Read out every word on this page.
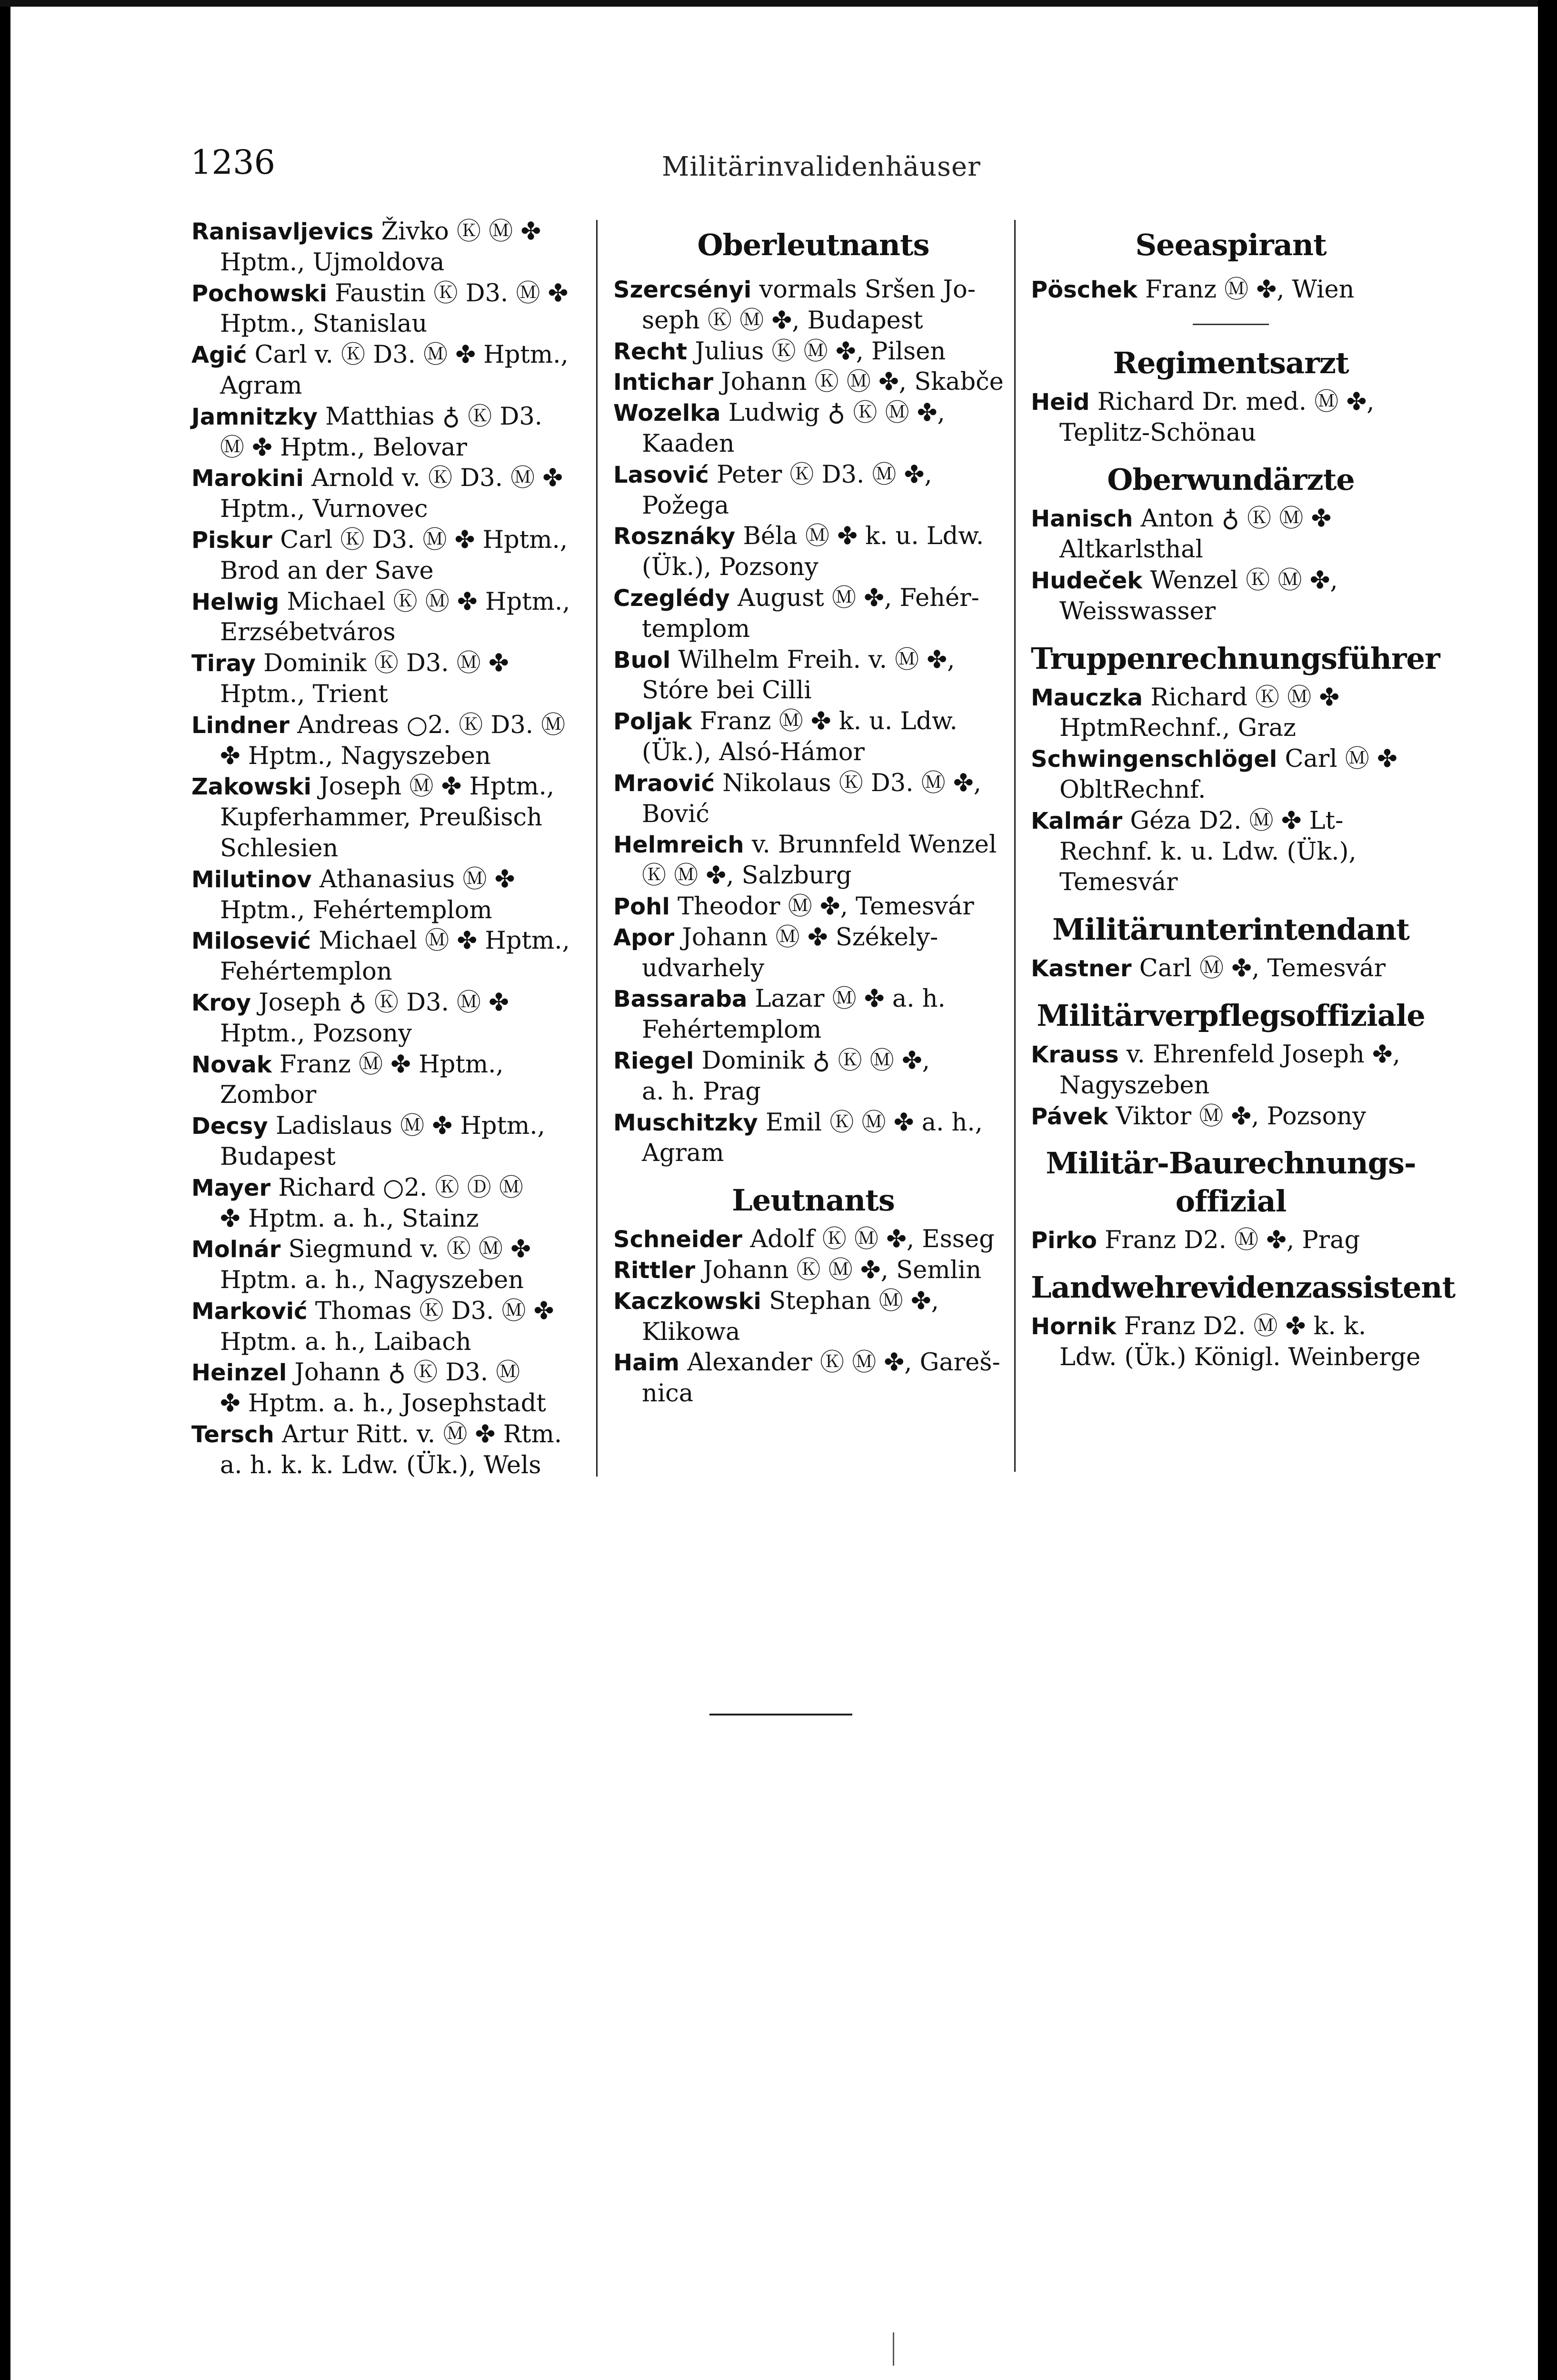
1236	Militärinvalidenhäuser
Ranisavljevics Živko Ⓚ Ⓜ ✤
Hptm., Ujmoldova
Pochowski Faustin Ⓚ D3. Ⓜ ✤
Hptm., Stanislau
Agić Carl v. Ⓚ D3. Ⓜ ✤ Hptm.,
Agram
Jamnitzky Matthias ♁ Ⓚ D3.
Ⓜ ✤ Hptm., Belovar
Marokini Arnold v. Ⓚ D3. Ⓜ ✤
Hptm., Vurnovec
Piskur Carl Ⓚ D3. Ⓜ ✤ Hptm.,
Brod an der Save
Helwig Michael Ⓚ Ⓜ ✤ Hptm.,
Erzsébetváros
Tiray Dominik Ⓚ D3. Ⓜ ✤
Hptm., Trient
Lindner Andreas ○2. Ⓚ D3. Ⓜ
✤ Hptm., Nagyszeben
Zakowski Joseph Ⓜ ✤ Hptm.,
Kupferhammer, Preußisch Schlesien
Milutinov Athanasius Ⓜ ✤
Hptm., Fehértemplom
Milosević Michael Ⓜ ✤ Hptm.,
Fehértemplon
Kroy Joseph ♁ Ⓚ D3. Ⓜ ✤
Hptm., Pozsony
Novak Franz Ⓜ ✤ Hptm.,
Zombor
Decsy Ladislaus Ⓜ ✤ Hptm.,
Budapest
Mayer Richard ○2. Ⓚ Ⓓ Ⓜ
✤ Hptm. a. h., Stainz
Molnár Siegmund v. Ⓚ Ⓜ ✤
Hptm. a. h., Nagyszeben
Marković Thomas Ⓚ D3. Ⓜ ✤
Hptm. a. h., Laibach
Heinzel Johann ♁ Ⓚ D3. Ⓜ
✤ Hptm. a. h., Josephstadt
Tersch Artur Ritt. v. Ⓜ ✤ Rtm.
a. h. k. k. Ldw. (Ük.), Wels
Oberleutnants
Szercsényi vormals Sršen Jo-
seph Ⓚ Ⓜ ✤, Budapest
Recht Julius Ⓚ Ⓜ ✤, Pilsen
Intichar Johann Ⓚ Ⓜ ✤, Skabče
Wozelka Ludwig ♁ Ⓚ Ⓜ ✤,
Kaaden
Lasović Peter Ⓚ D3. Ⓜ ✤,
Požega
Rosznáky Béla Ⓜ ✤ k. u. Ldw.
(Ük.), Pozsony
Czeglédy August Ⓜ ✤, Fehér-
templom
Buol Wilhelm Freih. v. Ⓜ ✤,
Stóre bei Cilli
Poljak Franz Ⓜ ✤ k. u. Ldw.
(Ük.), Alsó-Hámor
Mraović Nikolaus Ⓚ D3. Ⓜ ✤,
Bović
Helmreich v. Brunnfeld Wenzel
Ⓚ Ⓜ ✤, Salzburg
Pohl Theodor Ⓜ ✤, Temesvár
Apor Johann Ⓜ ✤ Székely-
udvarhely
Bassaraba Lazar Ⓜ ✤ a. h.
Fehértemplom
Riegel Dominik ♁ Ⓚ Ⓜ ✤,
a. h. Prag
Muschitzky Emil Ⓚ Ⓜ ✤ a. h.,
Agram
Leutnants
Schneider Adolf Ⓚ Ⓜ ✤, Esseg
Rittler Johann Ⓚ Ⓜ ✤, Semlin
Kaczkowski Stephan Ⓜ ✤,
Klikowa
Haim Alexander Ⓚ Ⓜ ✤, Gareš-
nica
Seeaspirant
Pöschek Franz Ⓜ ✤, Wien
Regimentsarzt
Heid Richard Dr. med. Ⓜ ✤,
Teplitz-Schönau
Oberwundärzte
Hanisch Anton ♁ Ⓚ Ⓜ ✤
Altkarlsthal
Hudeček Wenzel Ⓚ Ⓜ ✤,
Weisswasser
Truppenrechnungsführer
Mauczka Richard Ⓚ Ⓜ ✤
HptmRechnf., Graz
Schwingenschlögel Carl Ⓜ ✤
ObltRechnf.
Kalmár Géza D2. Ⓜ ✤ Lt-
Rechnf. k. u. Ldw. (Ük.), Temesvár
Militärunterintendant
Kastner Carl Ⓜ ✤, Temesvár
Militärverpflegsoffiziale
Krauss v. Ehrenfeld Joseph ✤,
Nagyszeben
Pávek Viktor Ⓜ ✤, Pozsony
Militär-Baurechnungs-offizial
Pirko Franz D2. Ⓜ ✤, Prag
Landwehrevidenzassistent
Hornik Franz D2. Ⓜ ✤ k. k.
Ldw. (Ük.) Königl. Weinberge
